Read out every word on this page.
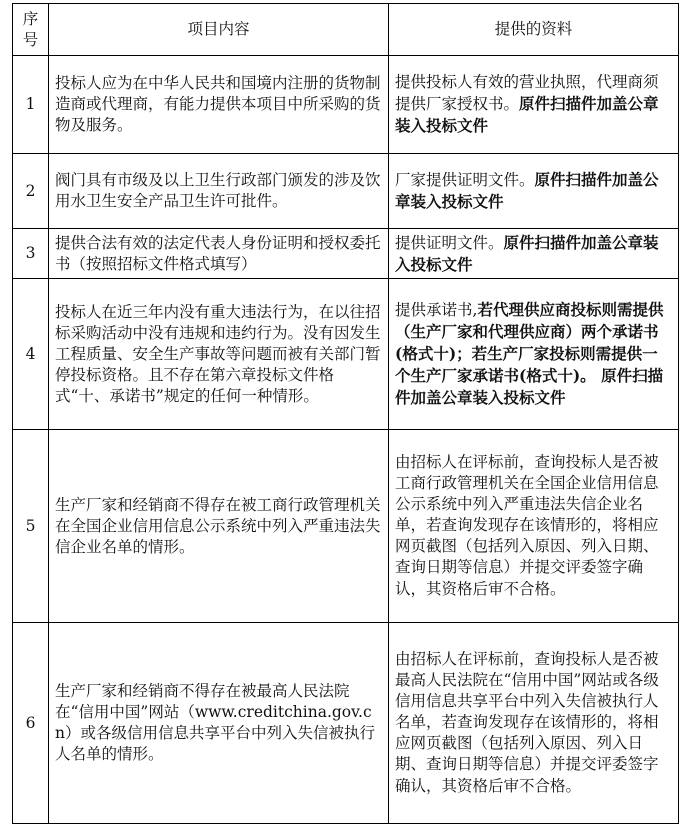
序号	项目内容	提供的资料
1	投标人应为在中华人民共和国境内注册的货物制造商或代理商，有能力提供本项目中所采购的货物及服务。	提供投标人有效的营业执照，代理商须提供厂家授权书。原件扫描件加盖公章装入投标文件
2	阀门具有市级及以上卫生行政部门颁发的涉及饮用水卫生安全产品卫生许可批件。	厂家提供证明文件。原件扫描件加盖公章装入投标文件
3	提供合法有效的法定代表人身份证明和授权委托书（按照招标文件格式填写）	提供证明文件。原件扫描件加盖公章装入投标文件
4	投标人在近三年内没有重大违法行为，在以往招标采购活动中没有违规和违约行为。没有因发生工程质量、安全生产事故等问题而被有关部门暂停投标资格。且不存在第六章投标文件格式“十、承诺书”规定的任何一种情形。	提供承诺书,若代理供应商投标则需提供（生产厂家和代理供应商）两个承诺书(格式十)；若生产厂家投标则需提供一个生产厂家承诺书(格式十)。 原件扫描件加盖公章装入投标文件
5	生产厂家和经销商不得存在被工商行政管理机关在全国企业信用信息公示系统中列入严重违法失信企业名单的情形。	由招标人在评标前，查询投标人是否被工商行政管理机关在全国企业信用信息公示系统中列入严重违法失信企业名单，若查询发现存在该情形的，将相应网页截图（包括列入原因、列入日期、查询日期等信息）并提交评委签字确认，其资格后审不合格。
6	生产厂家和经销商不得存在被最高人民法院在“信用中国”网站（www.creditchina.gov.cn）或各级信用信息共享平台中列入失信被执行人名单的情形。	由招标人在评标前，查询投标人是否被最高人民法院在“信用中国”网站或各级信用信息共享平台中列入失信被执行人名单，若查询发现存在该情形的，将相应网页截图（包括列入原因、列入日期、查询日期等信息）并提交评委签字确认，其资格后审不合格。
